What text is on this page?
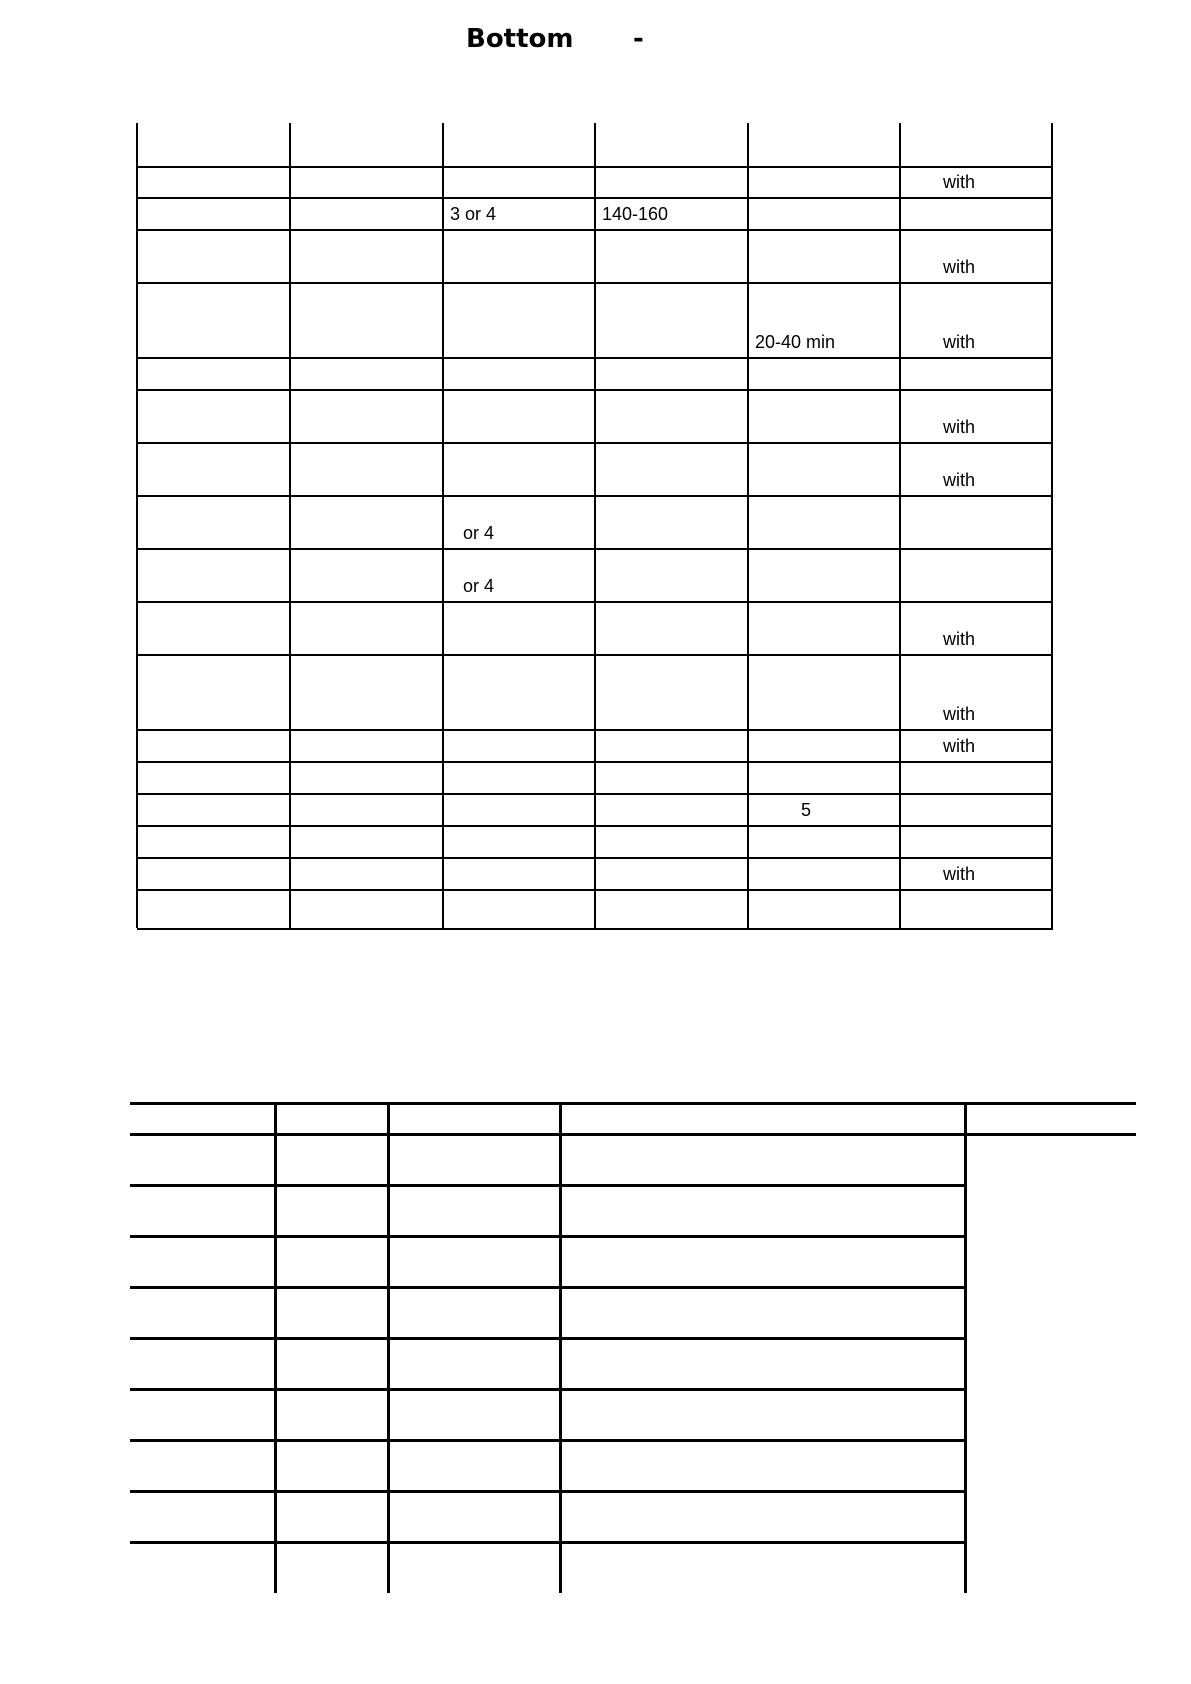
Bottom -
with
3 or 4	140-160
with
20-40 min	with
with
with
or 4
or 4
with
with
with
5
with
